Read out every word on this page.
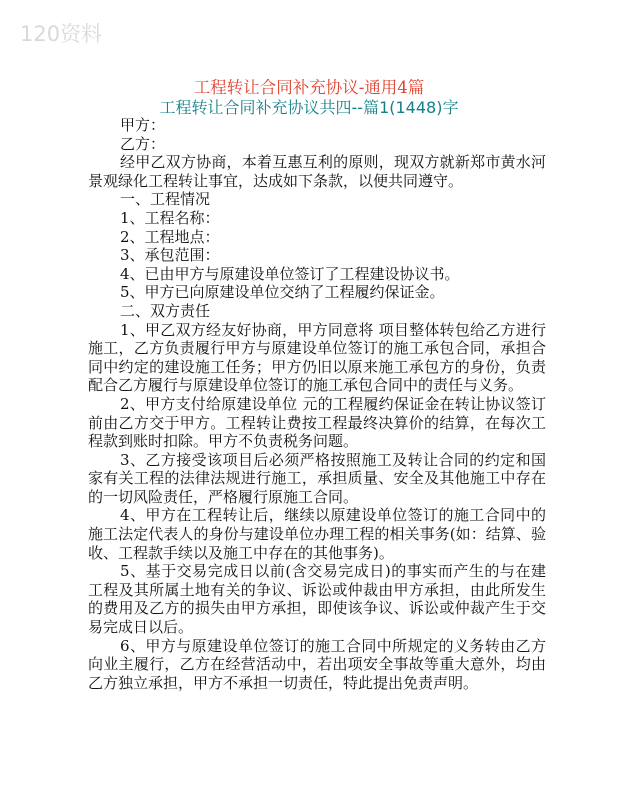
120资料
工程转让合同补充协议-通用4篇
工程转让合同补充协议共四--篇1(1448)字

甲方：

乙方：

经甲乙双方协商，本着互惠互利的原则，现双方就新郑市黄水河景观绿化工程转让事宜，达成如下条款，以便共同遵守。

一、工程情况

1、工程名称：

2、工程地点：

3、承包范围：

4、已由甲方与原建设单位签订了工程建设协议书。

5、甲方已向原建设单位交纳了工程履约保证金。

二、双方责任

1、甲乙双方经友好协商，甲方同意将 项目整体转包给乙方进行施工，乙方负责履行甲方与原建设单位签订的施工承包合同，承担合同中约定的建设施工任务；甲方仍旧以原来施工承包方的身份，负责配合乙方履行与原建设单位签订的施工承包合同中的责任与义务。

2、甲方支付给原建设单位 元的工程履约保证金在转让协议签订前由乙方交于甲方。工程转让费按工程最终决算价的结算，在每次工程款到账时扣除。甲方不负责税务问题。

3、乙方接受该项目后必须严格按照施工及转让合同的约定和国家有关工程的法律法规进行施工，承担质量、安全及其他施工中存在的一切风险责任，严格履行原施工合同。

4、甲方在工程转让后，继续以原建设单位签订的施工合同中的施工法定代表人的身份与建设单位办理工程的相关事务(如：结算、验收、工程款手续以及施工中存在的其他事务)。

5、基于交易完成日以前(含交易完成日)的事实而产生的与在建工程及其所属土地有关的争议、诉讼或仲裁由甲方承担，由此所发生的费用及乙方的损失由甲方承担，即使该争议、诉讼或仲裁产生于交易完成日以后。

6、甲方与原建设单位签订的施工合同中所规定的义务转由乙方向业主履行，乙方在经营活动中，若出项安全事故等重大意外，均由乙方独立承担，甲方不承担一切责任，特此提出免责声明。
